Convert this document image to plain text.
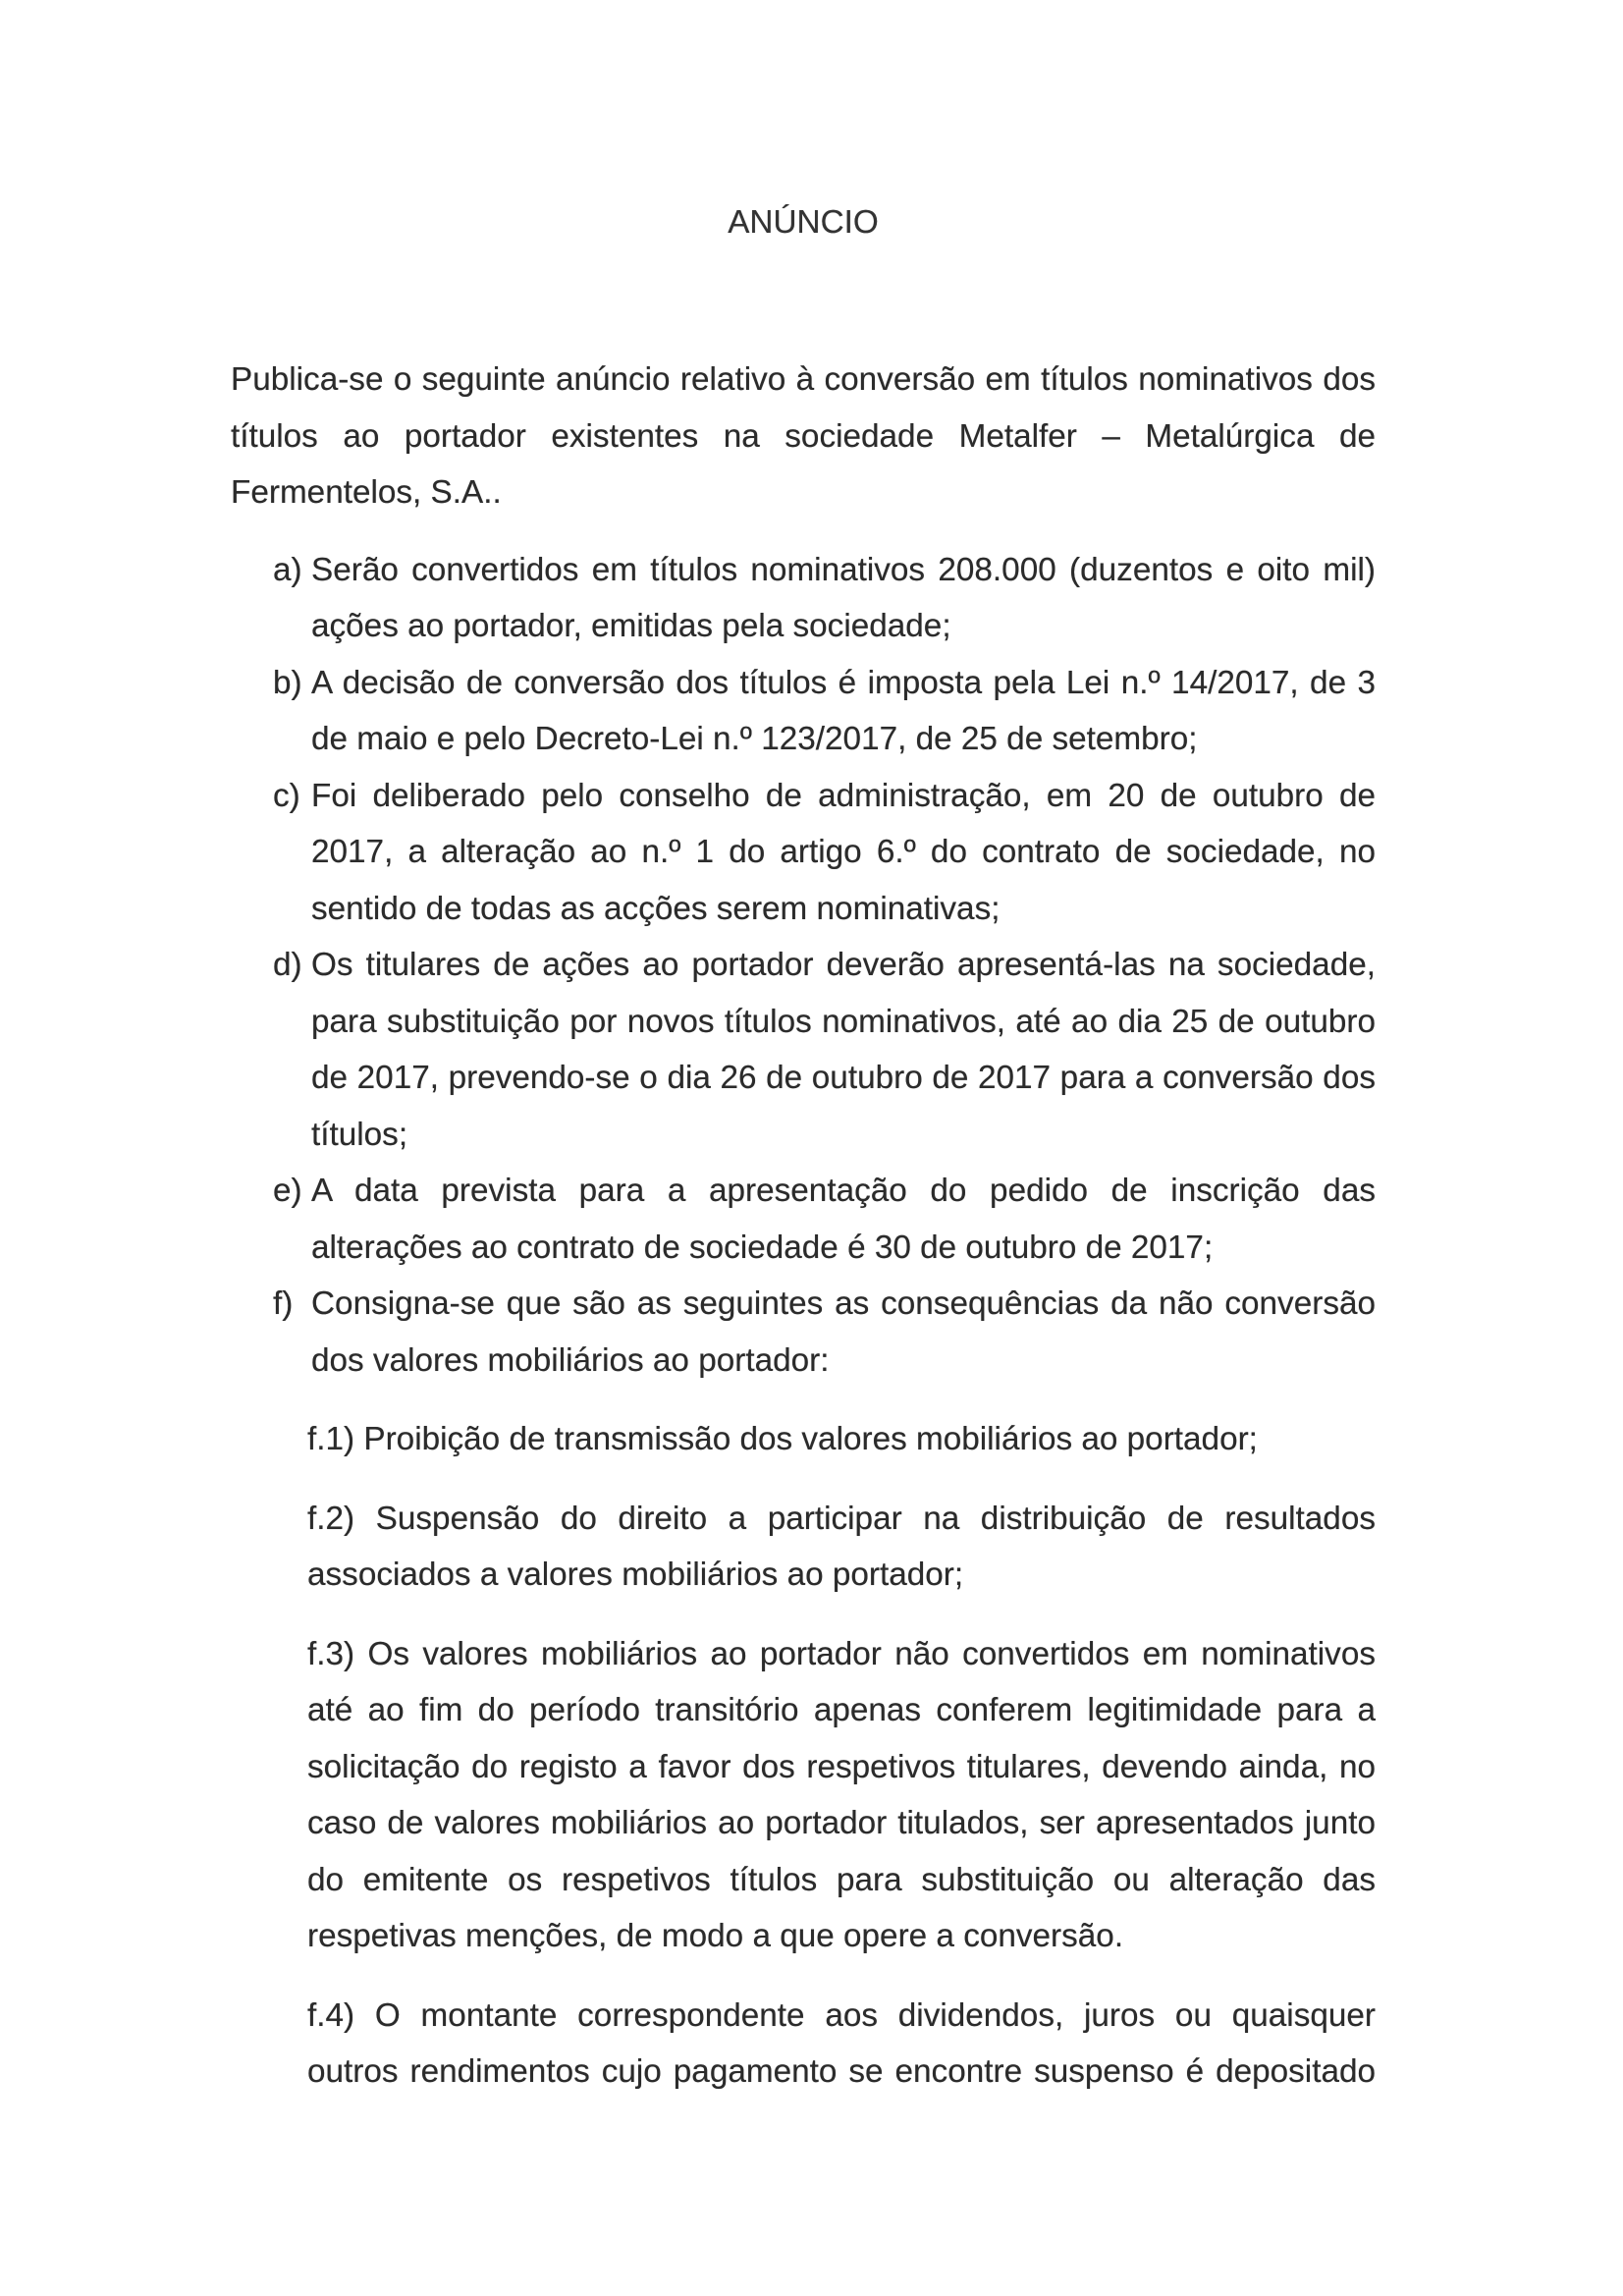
ANÚNCIO

Publica-se o seguinte anúncio relativo à conversão em títulos nominativos dos títulos ao portador existentes na sociedade Metalfer – Metalúrgica de Fermentelos, S.A..

a) Serão convertidos em títulos nominativos 208.000 (duzentos e oito mil) ações ao portador, emitidas pela sociedade;
b) A decisão de conversão dos títulos é imposta pela Lei n.º 14/2017, de 3 de maio e pelo Decreto-Lei n.º 123/2017, de 25 de setembro;
c) Foi deliberado pelo conselho de administração, em 20 de outubro de 2017, a alteração ao n.º 1 do artigo 6.º do contrato de sociedade, no sentido de todas as acções serem nominativas;
d) Os titulares de ações ao portador deverão apresentá-las na sociedade, para substituição por novos títulos nominativos, até ao dia 25 de outubro de 2017, prevendo-se o dia 26 de outubro de 2017 para a conversão dos títulos;
e) A data prevista para a apresentação do pedido de inscrição das alterações ao contrato de sociedade é 30 de outubro de 2017;
f) Consigna-se que são as seguintes as consequências da não conversão dos valores mobiliários ao portador:

f.1) Proibição de transmissão dos valores mobiliários ao portador;

f.2) Suspensão do direito a participar na distribuição de resultados associados a valores mobiliários ao portador;

f.3) Os valores mobiliários ao portador não convertidos em nominativos até ao fim do período transitório apenas conferem legitimidade para a solicitação do registo a favor dos respetivos titulares, devendo ainda, no caso de valores mobiliários ao portador titulados, ser apresentados junto do emitente os respetivos títulos para substituição ou alteração das respetivas menções, de modo a que opere a conversão.

f.4) O montante correspondente aos dividendos, juros ou quaisquer outros rendimentos cujo pagamento se encontre suspenso é depositado
